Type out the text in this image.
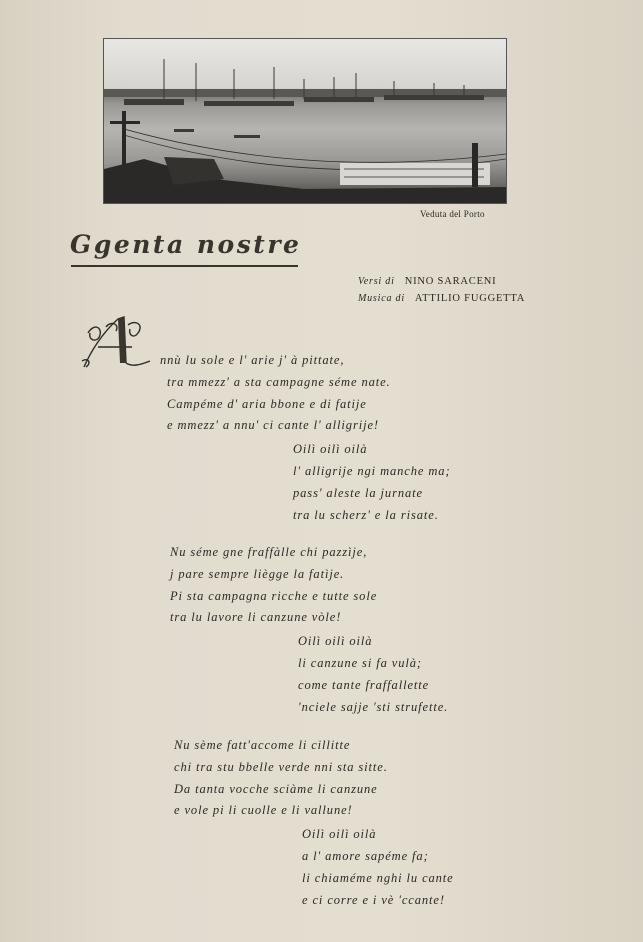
Veduta del Porto
Ggenta nostre
Versi di NINO SARACENI
Musica di ATTILIO FUGGETTA
nnù lu sole e l' arie j' à pittate,
tra mmezz' a sta campagne séme nate.
Campéme d' aria bbone e di fatije
e mmezz' a nnu' ci cante l' alligrije!
Oilì oilì oilà
l' alligrije ngi manche ma;
pass' aleste la jurnate
tra lu scherz' e la risate.
Nu séme gne fraffàlle chi pazzìje,
j pare sempre liègge la fatìje.
Pi sta campagna ricche e tutte sole
tra lu lavore li canzune vòle!
Oilì oilì oilà
li canzune si fa vulà;
come tante fraffallette
'nciele sajje 'sti strufette.
Nu sème fatt'accome li cillitte
chi tra stu bbelle verde nni sta sitte.
Da tanta vocche sciàme li canzune
e vole pi li cuolle e li vallune!
Oilì oilì oilà
a l' amore sapéme fa;
li chiaméme nghi lu cante
e ci corre e i vè 'ccante!
